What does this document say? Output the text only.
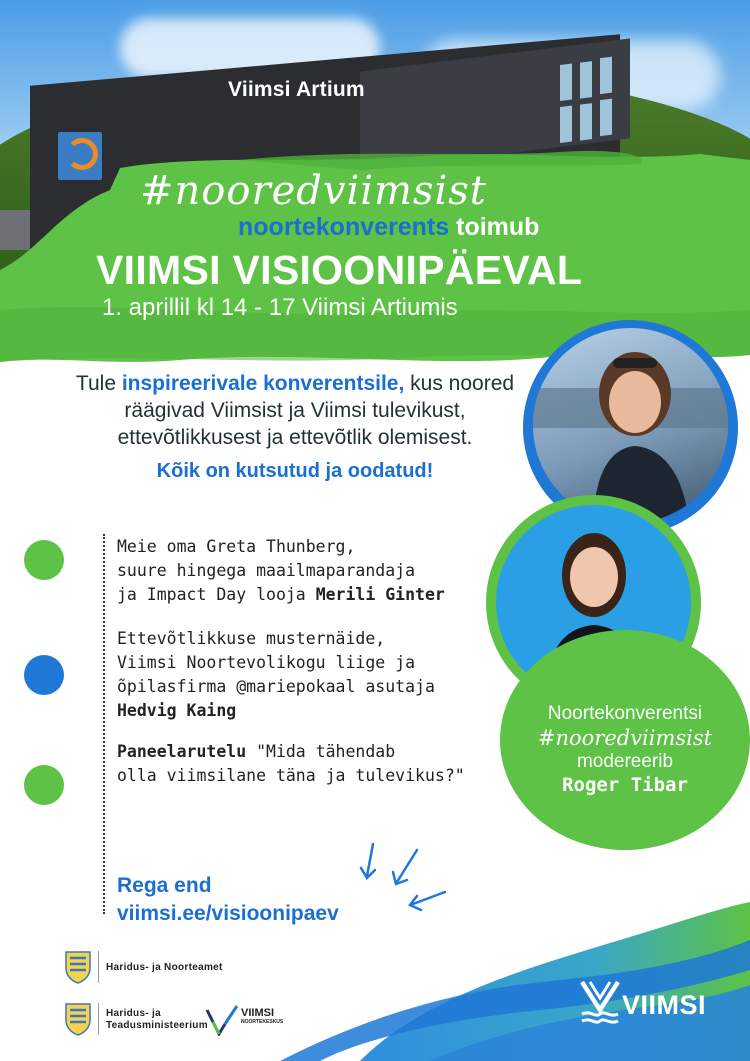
Viimsi Artium
#nooredviimsist
noortekonverents toimub
VIIMSI VISIOONIPÄEVAL
1. aprillil kl 14 - 17 Viimsi Artiumis
Tule inspireerivale konverentsile, kus noored räägivad Viimsist ja Viimsi tulevikust, ettevõtlikkusest ja ettevõtlik olemisest.
Kõik on kutsutud ja oodatud!
Meie oma Greta Thunberg,
suure hingega maailmaparandaja
ja Impact Day looja Merili Ginter
Ettevõtlikkuse musternäide,
Viimsi Noortevolikogu liige ja
õpilasfirma @mariepokaal asutaja
Hedvig Kaing
Paneelarutelu "Mida tähendab
olla viimsilane täna ja tulevikus?"
Rega end
viimsi.ee/visioonipaev
Noortekonverentsi
#nooredviimsist
modereerib
Roger Tibar
Haridus- ja Noorteamet
Haridus- ja
Teadusministeerium
VIIMSI
NOORTEKESKUS
VIIMSI
